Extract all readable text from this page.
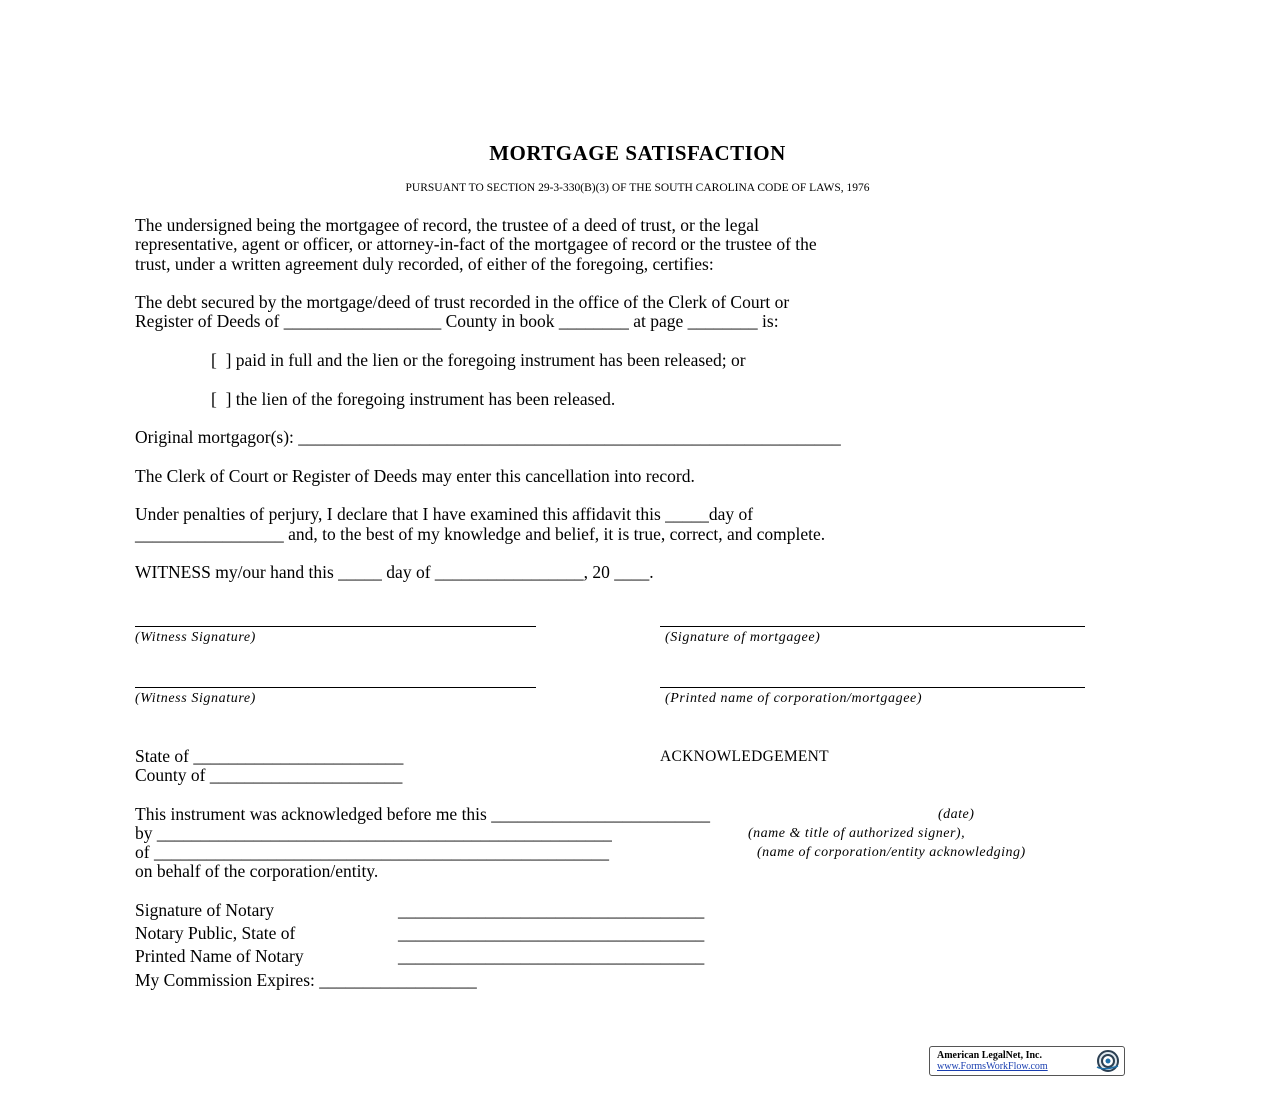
MORTGAGE SATISFACTION
PURSUANT TO SECTION 29-3-330(B)(3) OF THE SOUTH CAROLINA CODE OF LAWS, 1976
The undersigned being the mortgagee of record, the trustee of a deed of trust, or the legal
representative, agent or officer, or attorney-in-fact of the mortgagee of record or the trustee of the
trust, under a written agreement duly recorded, of either of the foregoing, certifies:
The debt secured by the mortgage/deed of trust recorded in the office of the Clerk of Court or
Register of Deeds of __________________ County in book ________ at page ________ is:
[  ] paid in full and the lien or the foregoing instrument has been released; or
[  ] the lien of the foregoing instrument has been released.
Original mortgagor(s): ______________________________________________________________
The Clerk of Court or Register of Deeds may enter this cancellation into record.
Under penalties of perjury, I declare that I have examined this affidavit this _____day of
_________________ and, to the best of my knowledge and belief, it is true, correct, and complete.
WITNESS my/our hand this _____ day of _________________, 20 ____.
(Witness Signature)	(Signature of mortgagee)
(Witness Signature)	(Printed name of corporation/mortgagee)
State of ________________________
County of ______________________
ACKNOWLEDGEMENT
This instrument was acknowledged before me this _________________________	(date)
by ____________________________________________________	(name & title of authorized signer),
of ____________________________________________________	(name of corporation/entity acknowledging)
on behalf of the corporation/entity.
Signature of Notary	___________________________________
Notary Public, State of	___________________________________
Printed Name of Notary	___________________________________
My Commission Expires: __________________
American LegalNet, Inc.
www.FormsWorkFlow.com
